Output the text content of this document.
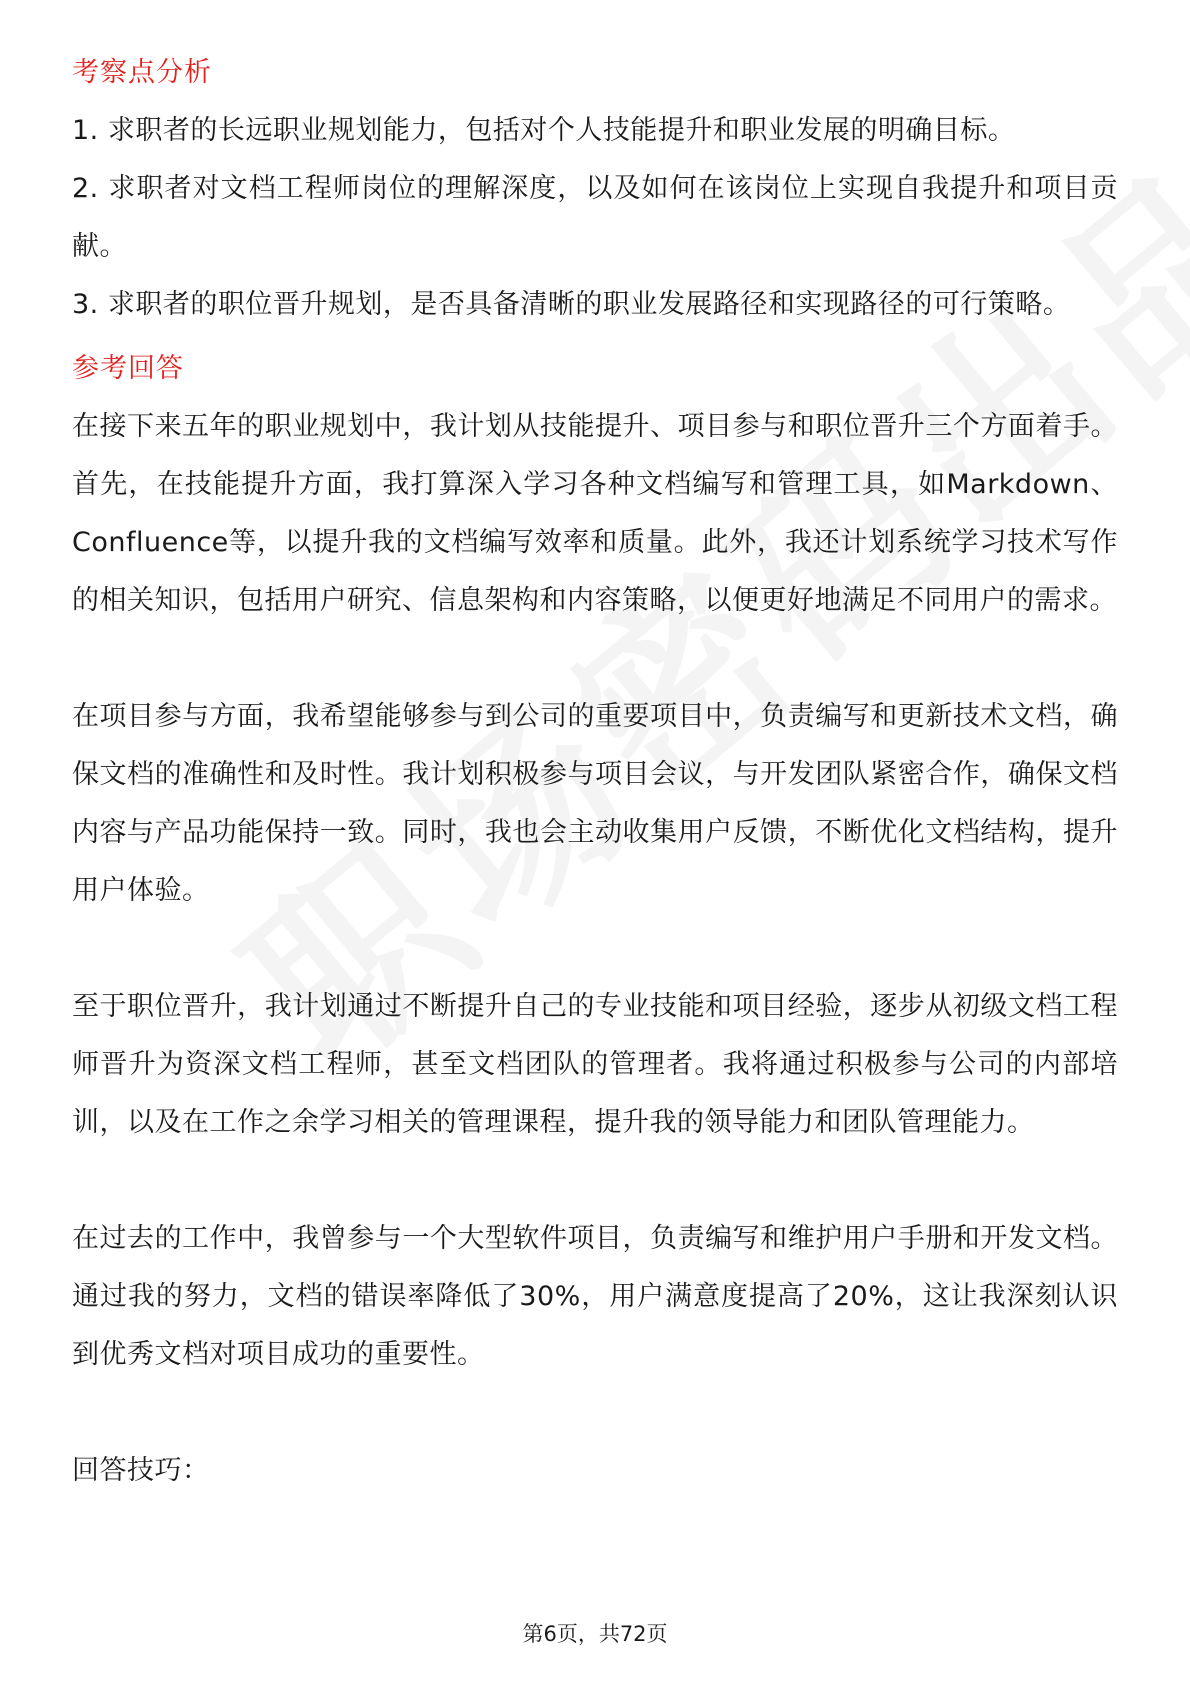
考察点分析

1. 求职者的长远职业规划能力，包括对个人技能提升和职业发展的明确目标。

2. 求职者对文档工程师岗位的理解深度，以及如何在该岗位上实现自我提升和项目贡献。

3. 求职者的职位晋升规划，是否具备清晰的职业发展路径和实现路径的可行策略。

参考回答

在接下来五年的职业规划中，我计划从技能提升、项目参与和职位晋升三个方面着手。首先，在技能提升方面，我打算深入学习各种文档编写和管理工具，如Markdown、Confluence等，以提升我的文档编写效率和质量。此外，我还计划系统学习技术写作的相关知识，包括用户研究、信息架构和内容策略，以便更好地满足不同用户的需求。

在项目参与方面，我希望能够参与到公司的重要项目中，负责编写和更新技术文档，确保文档的准确性和及时性。我计划积极参与项目会议，与开发团队紧密合作，确保文档内容与产品功能保持一致。同时，我也会主动收集用户反馈，不断优化文档结构，提升用户体验。

至于职位晋升，我计划通过不断提升自己的专业技能和项目经验，逐步从初级文档工程师晋升为资深文档工程师，甚至文档团队的管理者。我将通过积极参与公司的内部培训，以及在工作之余学习相关的管理课程，提升我的领导能力和团队管理能力。

在过去的工作中，我曾参与一个大型软件项目，负责编写和维护用户手册和开发文档。通过我的努力，文档的错误率降低了30%，用户满意度提高了20%，这让我深刻认识到优秀文档对项目成功的重要性。

回答技巧：

第6页，共72页
